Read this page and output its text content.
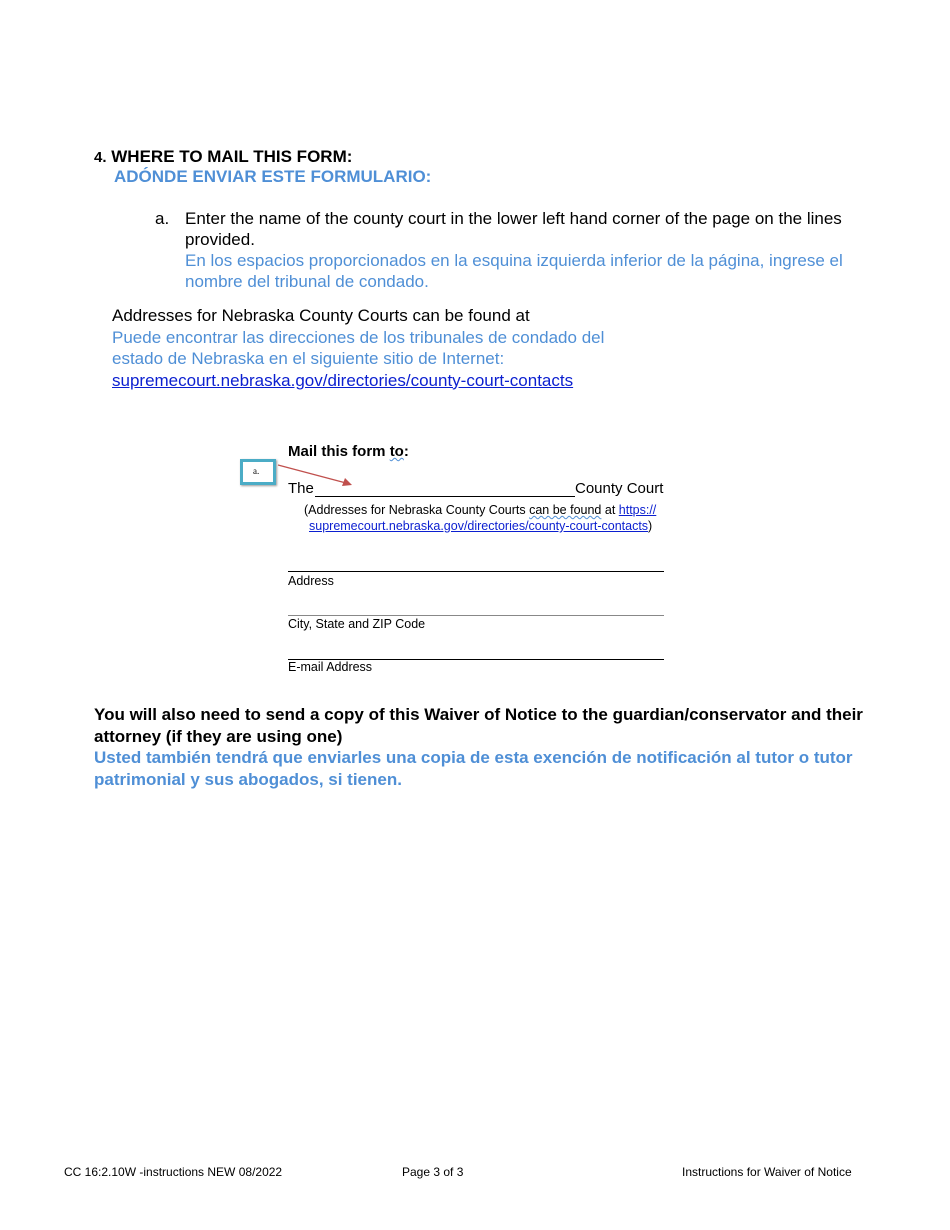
4. WHERE TO MAIL THIS FORM:
ADÓNDE ENVIAR ESTE FORMULARIO:
a. Enter the name of the county court in the lower left hand corner of the page on the lines provided.

En los espacios proporcionados en la esquina izquierda inferior de la página, ingrese el nombre del tribunal de condado.

Addresses for Nebraska County Courts can be found at

Puede encontrar las direcciones de los tribunales de condado del

estado de Nebraska en el siguiente sitio de Internet:

supremecourt.nebraska.gov/directories/county-court-contacts

Mail this form to:
a.
The	County Court
(Addresses for Nebraska County Courts can be found at https://
supremecourt.nebraska.gov/directories/county-court-contacts)
Address
City, State and ZIP Code
E-mail Address

You will also need to send a copy of this Waiver of Notice to the guardian/conservator and their attorney (if they are using one)

Usted también tendrá que enviarles una copia de esta exención de notificación al tutor o tutor patrimonial y sus abogados, si tienen.

CC 16:2.10W -instructions NEW 08/2022	Page 3 of 3	Instructions for Waiver of Notice
